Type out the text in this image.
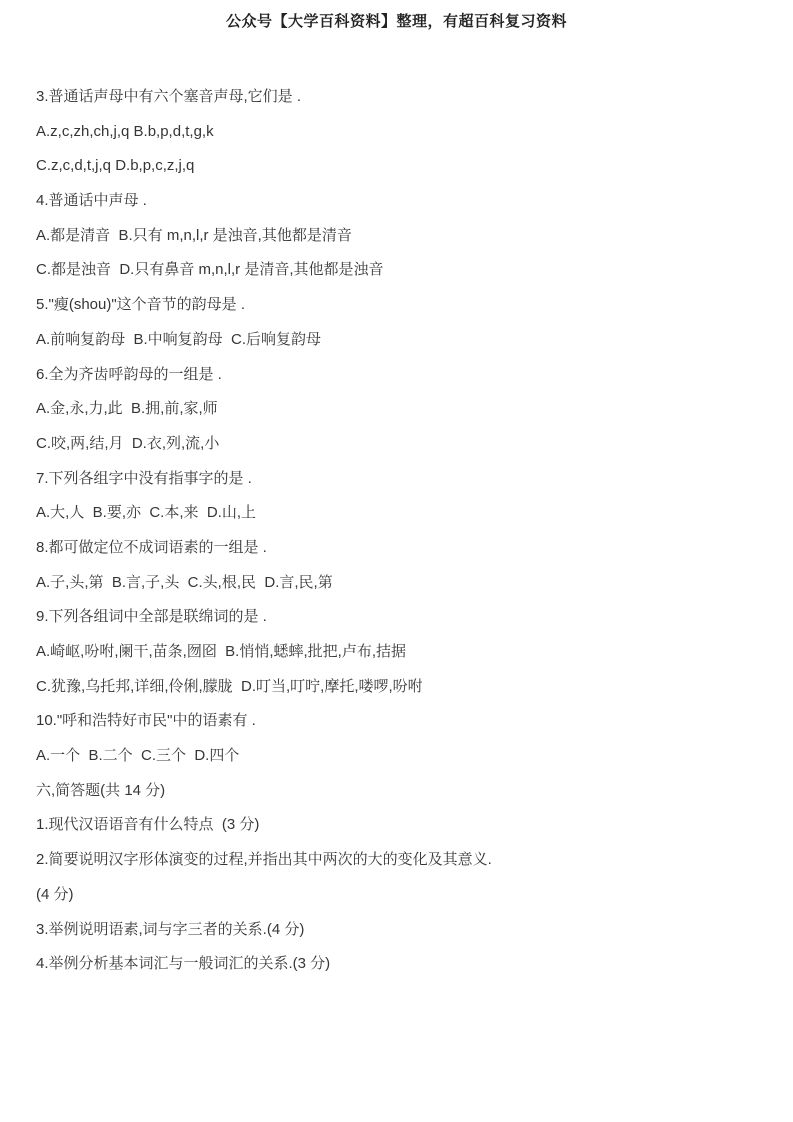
公众号【大学百科资料】整理，有超百科复习资料
3.普通话声母中有六个塞音声母,它们是 .
A.z,c,zh,ch,j,q B.b,p,d,t,g,k
C.z,c,d,t,j,q D.b,p,c,z,j,q
4.普通话中声母 .
A.都是清音  B.只有 m,n,l,r 是浊音,其他都是清音
C.都是浊音  D.只有鼻音 m,n,l,r 是清音,其他都是浊音
5."瘦(shou)"这个音节的韵母是 .
A.前响复韵母  B.中响复韵母  C.后响复韵母
6.全为齐齿呼韵母的一组是 .
A.金,永,力,此  B.拥,前,家,师
C.咬,两,结,月  D.衣,列,流,小
7.下列各组字中没有指事字的是 .
A.大,人  B.要,亦  C.本,来  D.山,上
8.都可做定位不成词语素的一组是 .
A.子,头,第  B.言,子,头  C.头,根,民  D.言,民,第
9.下列各组词中全部是联绵词的是 .
A.崎岖,吩咐,阑干,苗条,囫囵  B.悄悄,蟋蟀,批把,卢布,拮据
C.犹豫,乌托邦,详细,伶俐,朦胧  D.叮当,叮咛,摩托,喽啰,吩咐
10."呼和浩特好市民"中的语素有 .
A.一个  B.二个  C.三个  D.四个
六,简答题(共 14 分)
1.现代汉语语音有什么特点  (3 分)
2.简要说明汉字形体演变的过程,并指出其中两次的大的变化及其意义.
(4 分)
3.举例说明语素,词与字三者的关系.(4 分)
4.举例分析基本词汇与一般词汇的关系.(3 分)
